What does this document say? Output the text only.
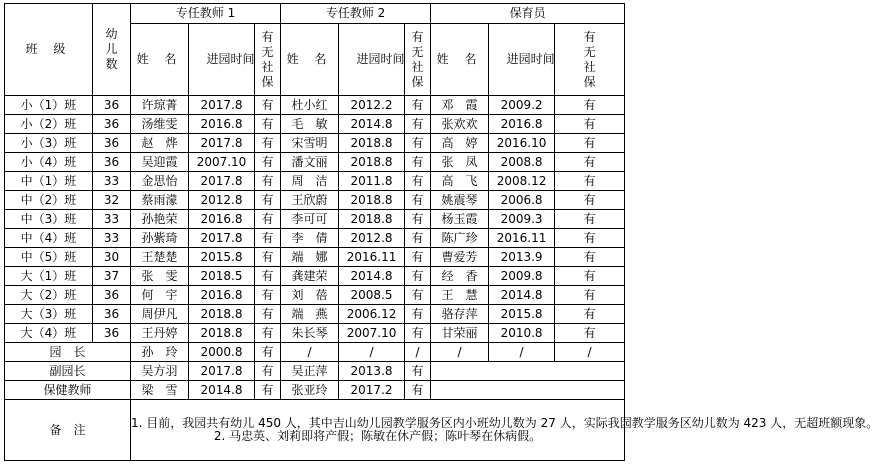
班 级	幼儿数	专任教师 1			专任教师 2			保育员		
		姓 名	进园时间	有无社保	姓 名	进园时间	有无社保	姓 名	进园时间	有无社保
小（1）班	36	许琼菁	2017.8	有	杜小红	2012.2	有	邓　霞	2009.2	有
小（2）班	36	汤维雯	2016.8	有	毛　敏	2014.8	有	张欢欢	2016.8	有
小（3）班	36	赵　烨	2017.8	有	宋雪明	2018.8	有	高　婷	2016.10	有
小（4）班	36	吴迎霞	2007.10	有	潘文丽	2018.8	有	张　凤	2008.8	有
中（1）班	33	金思怡	2017.8	有	周　洁	2011.8	有	高　飞	2008.12	有
中（2）班	32	蔡雨濛	2012.8	有	王欣蔚	2018.8	有	姚震琴	2006.8	有
中（3）班	33	孙艳荣	2016.8	有	李可可	2018.8	有	杨玉霞	2009.3	有
中（4）班	33	孙紫琦	2017.8	有	李　倩	2012.8	有	陈广珍	2016.11	有
中（5）班	30	王楚楚	2015.8	有	端　娜	2016.11	有	曹爱芳	2013.9	有
大（1）班	37	张　雯	2018.5	有	龚建荣	2014.8	有	经　香	2009.8	有
大（2）班	36	何　宇	2016.8	有	刘　蓓	2008.5	有	王　慧	2014.8	有
大（3）班	36	周伊凡	2018.8	有	端　燕	2006.12	有	骆存萍	2015.8	有
大（4）班	36	王丹婷	2018.8	有	朱长琴	2007.10	有	甘荣丽	2010.8	有
园　长		孙　玲	2000.8	有	/	/	/	/	/	/
副园长		吴方羽	2017.8	有	吴正萍	2013.8	有			
保健教师		梁　雪	2014.8	有	张亚玲	2017.2	有			
备　注		1. 目前，我园共有幼儿 450 人，其中吉山幼儿园教学服务区内小班幼儿数为 27 人，实际我园教学服务区幼儿数为 423 人，无超班额现象。

2. 马忠英、刘莉即将产假；陈敏在休产假；陈叶琴在休病假。								
